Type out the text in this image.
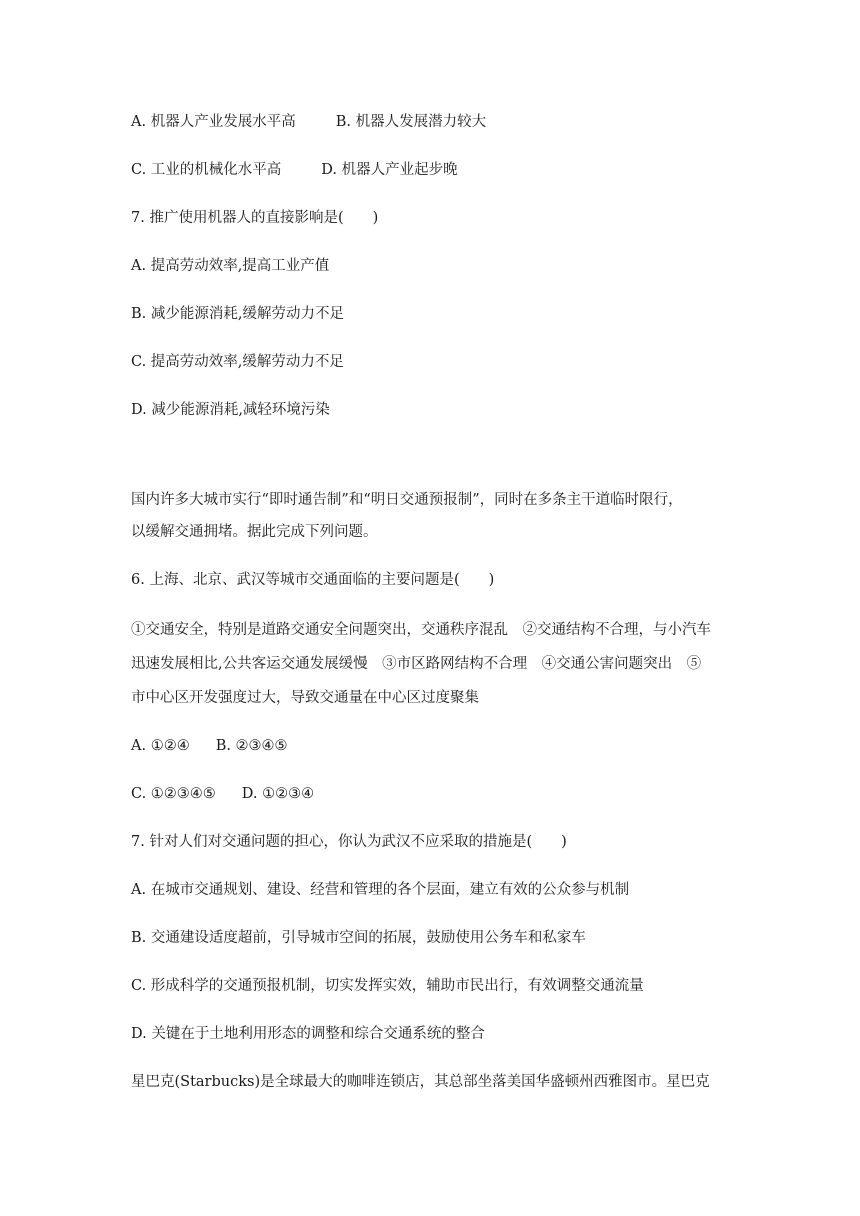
A. 机器人产业发展水平高	B. 机器人发展潜力较大
C. 工业的机械化水平高	D. 机器人产业起步晚
7. 推广使用机器人的直接影响是(　　)
A. 提高劳动效率,提高工业产值
B. 减少能源消耗,缓解劳动力不足
C. 提高劳动效率,缓解劳动力不足
D. 减少能源消耗,减轻环境污染
国内许多大城市实行“即时通告制”和“明日交通预报制”，同时在多条主干道临时限行，
以缓解交通拥堵。据此完成下列问题。
6. 上海、北京、武汉等城市交通面临的主要问题是(　　)
①交通安全，特别是道路交通安全问题突出，交通秩序混乱　②交通结构不合理，与小汽车
迅速发展相比,公共客运交通发展缓慢　③市区路网结构不合理　④交通公害问题突出　⑤
市中心区开发强度过大，导致交通量在中心区过度聚集
A. ①②④ B. ②③④⑤
C. ①②③④⑤ D. ①②③④
7. 针对人们对交通问题的担心，你认为武汉不应采取的措施是(　　)
A. 在城市交通规划、建设、经营和管理的各个层面，建立有效的公众参与机制
B. 交通建设适度超前，引导城市空间的拓展，鼓励使用公务车和私家车
C. 形成科学的交通预报机制，切实发挥实效，辅助市民出行，有效调整交通流量
D. 关键在于土地利用形态的调整和综合交通系统的整合
星巴克(Starbucks)是全球最大的咖啡连锁店，其总部坐落美国华盛顿州西雅图市。星巴克
